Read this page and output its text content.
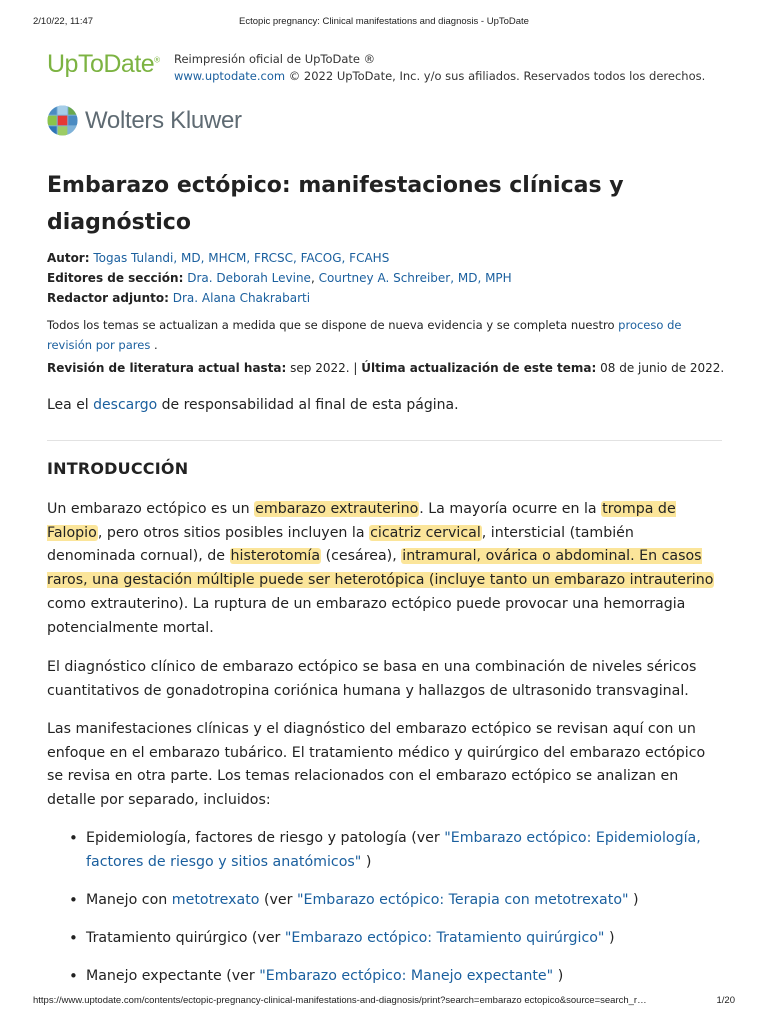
2/10/22, 11:47	Ectopic pregnancy: Clinical manifestations and diagnosis - UpToDate
UpToDate® Reimpresión oficial de UpToDate ®
www.uptodate.com © 2022 UpToDate, Inc. y/o sus afiliados. Reservados todos los derechos.
Wolters Kluwer
Embarazo ectópico: manifestaciones clínicas y diagnóstico
Autor: Togas Tulandi, MD, MHCM, FRCSC, FACOG, FCAHS
Editores de sección: Dra. Deborah Levine, Courtney A. Schreiber, MD, MPH
Redactor adjunto: Dra. Alana Chakrabarti
Todos los temas se actualizan a medida que se dispone de nueva evidencia y se completa nuestro proceso de revisión por pares .
Revisión de literatura actual hasta: sep 2022. | Última actualización de este tema: 08 de junio de 2022.
Lea el descargo de responsabilidad al final de esta página.
INTRODUCCIÓN

Un embarazo ectópico es un embarazo extrauterino. La mayoría ocurre en la trompa de Falopio, pero otros sitios posibles incluyen la cicatriz cervical, intersticial (también denominada cornual), de histerotomía (cesárea), intramural, ovárica o abdominal. En casos raros, una gestación múltiple puede ser heterotópica (incluye tanto un embarazo intrauterino como extrauterino). La ruptura de un embarazo ectópico puede provocar una hemorragia potencialmente mortal.

El diagnóstico clínico de embarazo ectópico se basa en una combinación de niveles séricos cuantitativos de gonadotropina coriónica humana y hallazgos de ultrasonido transvaginal.

Las manifestaciones clínicas y el diagnóstico del embarazo ectópico se revisan aquí con un enfoque en el embarazo tubárico. El tratamiento médico y quirúrgico del embarazo ectópico se revisa en otra parte. Los temas relacionados con el embarazo ectópico se analizan en detalle por separado, incluidos:

• Epidemiología, factores de riesgo y patología (ver "Embarazo ectópico: Epidemiología, factores de riesgo y sitios anatómicos" )
• Manejo con metotrexato (ver "Embarazo ectópico: Terapia con metotrexato" )
• Tratamiento quirúrgico (ver "Embarazo ectópico: Tratamiento quirúrgico" )
• Manejo expectante (ver "Embarazo ectópico: Manejo expectante" )
https://www.uptodate.com/contents/ectopic-pregnancy-clinical-manifestations-and-diagnosis/print?search=embarazo ectopico&source=search_r…	1/20
